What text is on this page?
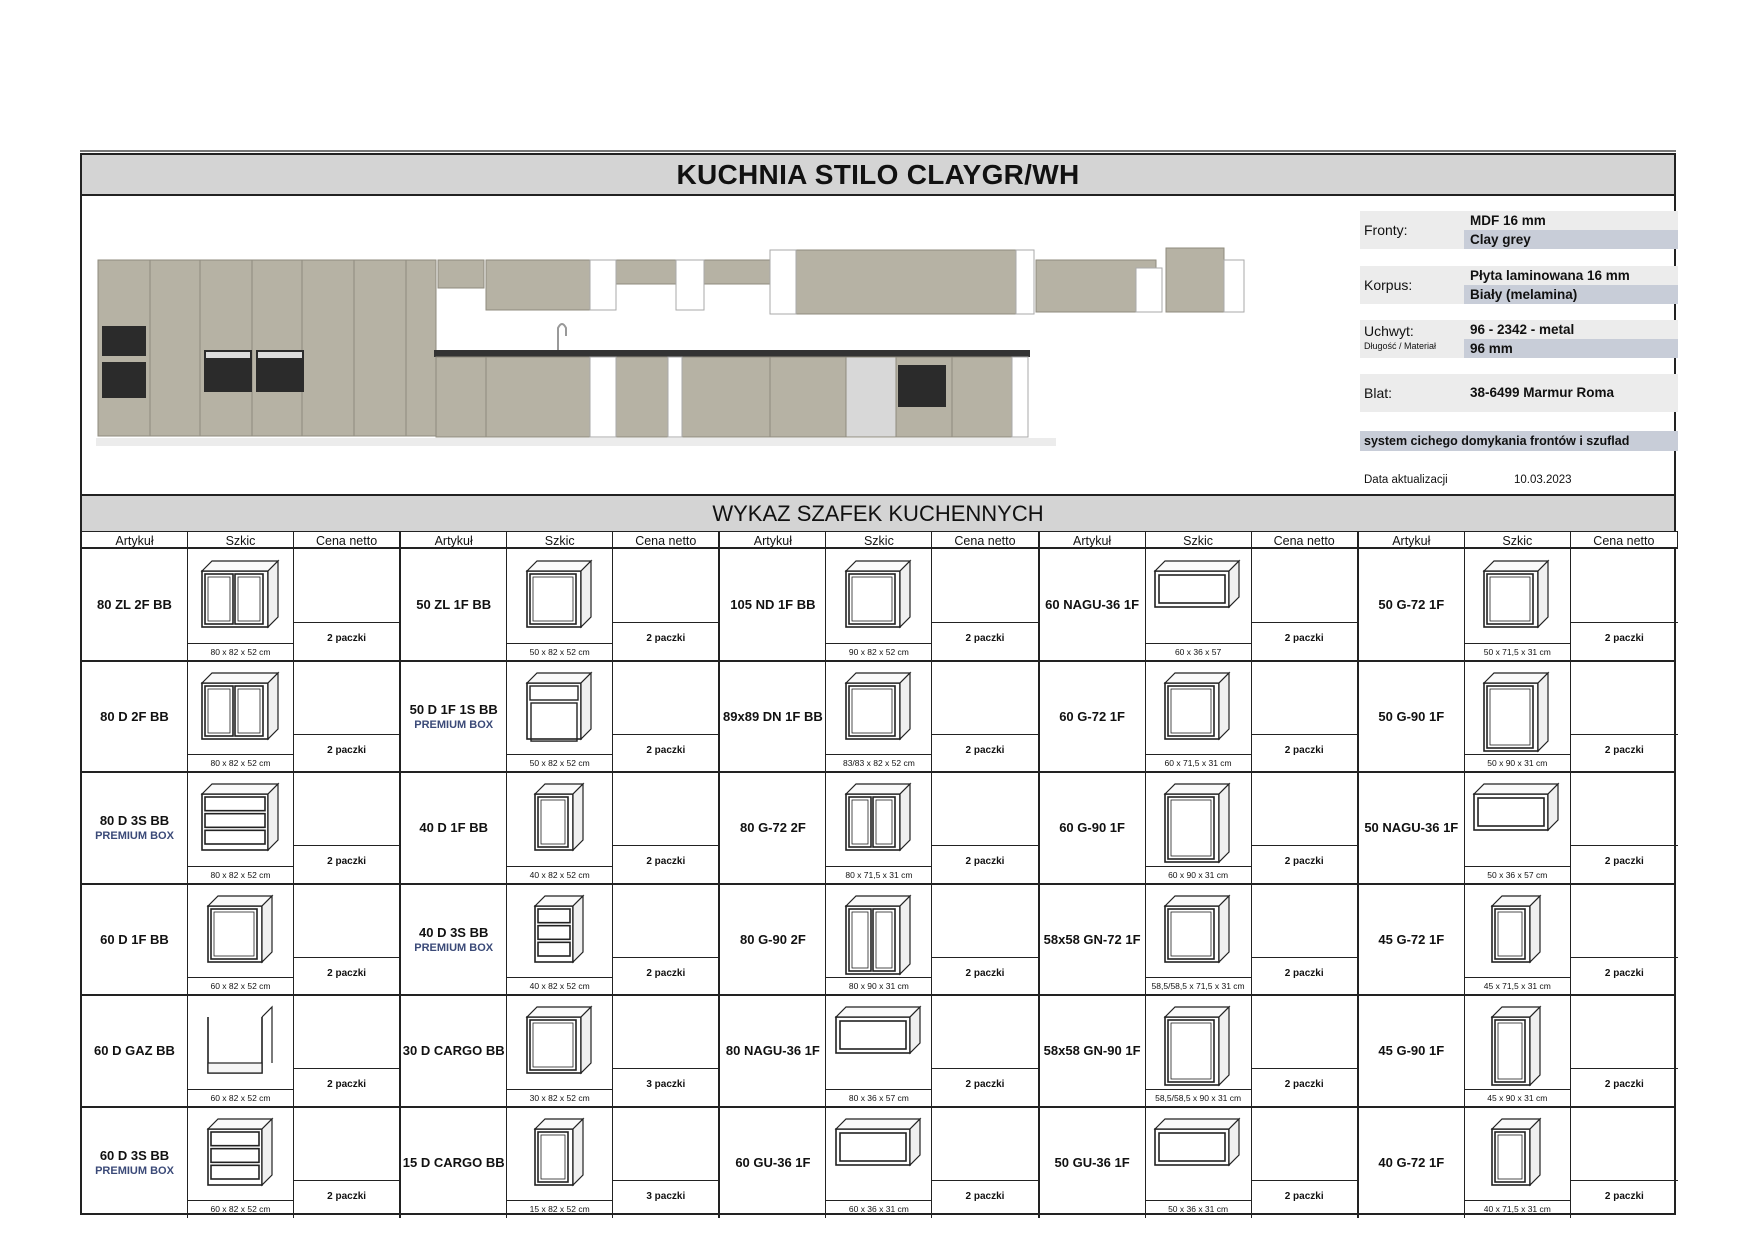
KUCHNIA STILO CLAYGR/WH
Fronty:
MDF 16 mm
Clay grey
Korpus:
Płyta laminowana 16 mm
Biały (melamina)
Uchwyt:
Długość / Materiał
96 - 2342 - metal
96 mm
Blat:	38-6499 Marmur Roma
system cichego domykania frontów i szuflad
Data aktualizacji	10.03.2023
WYKAZ SZAFEK KUCHENNYCH
Artykuł	Szkic	Cena netto
80 ZL 2F BB
80 x 82 x 52 cm
2 paczki
80 D 2F BB
80 x 82 x 52 cm
2 paczki
80 D 3S BB
PREMIUM BOX
80 x 82 x 52 cm
2 paczki
60 D 1F BB
60 x 82 x 52 cm
2 paczki
60 D GAZ BB
60 x 82 x 52 cm
2 paczki
60 D 3S BB
PREMIUM BOX
60 x 82 x 52 cm
2 paczki
Artykuł	Szkic	Cena netto
50 ZL 1F BB
50 x 82 x 52 cm
2 paczki
50 D 1F 1S BB
PREMIUM BOX
50 x 82 x 52 cm
2 paczki
40 D 1F BB
40 x 82 x 52 cm
2 paczki
40 D 3S BB
PREMIUM BOX
40 x 82 x 52 cm
2 paczki
30 D CARGO BB
30 x 82 x 52 cm
3 paczki
15 D CARGO BB
15 x 82 x 52 cm
3 paczki
Artykuł	Szkic	Cena netto
105 ND 1F BB
90 x 82 x 52 cm
2 paczki
89x89 DN 1F BB
83/83 x 82 x 52 cm
2 paczki
80 G-72 2F
80 x 71,5 x 31 cm
2 paczki
80 G-90 2F
80 x 90 x 31 cm
2 paczki
80 NAGU-36 1F
80 x 36 x 57 cm
2 paczki
60 GU-36 1F
60 x 36 x 31 cm
2 paczki
Artykuł	Szkic	Cena netto
60 NAGU-36 1F
60 x 36 x 57
2 paczki
60 G-72 1F
60 x 71,5 x 31 cm
2 paczki
60 G-90 1F
60 x 90 x 31 cm
2 paczki
58x58 GN-72 1F
58,5/58,5 x 71,5 x 31 cm
2 paczki
58x58 GN-90 1F
58,5/58,5 x 90 x 31 cm
2 paczki
50 GU-36 1F
50 x 36 x 31 cm
2 paczki
Artykuł	Szkic	Cena netto
50 G-72 1F
50 x 71,5 x 31 cm
2 paczki
50 G-90 1F
50 x 90 x 31 cm
2 paczki
50 NAGU-36 1F
50 x 36 x 57 cm
2 paczki
45 G-72 1F
45 x 71,5 x 31 cm
2 paczki
45 G-90 1F
45 x 90 x 31 cm
2 paczki
40 G-72 1F
40 x 71,5 x 31 cm
2 paczki
